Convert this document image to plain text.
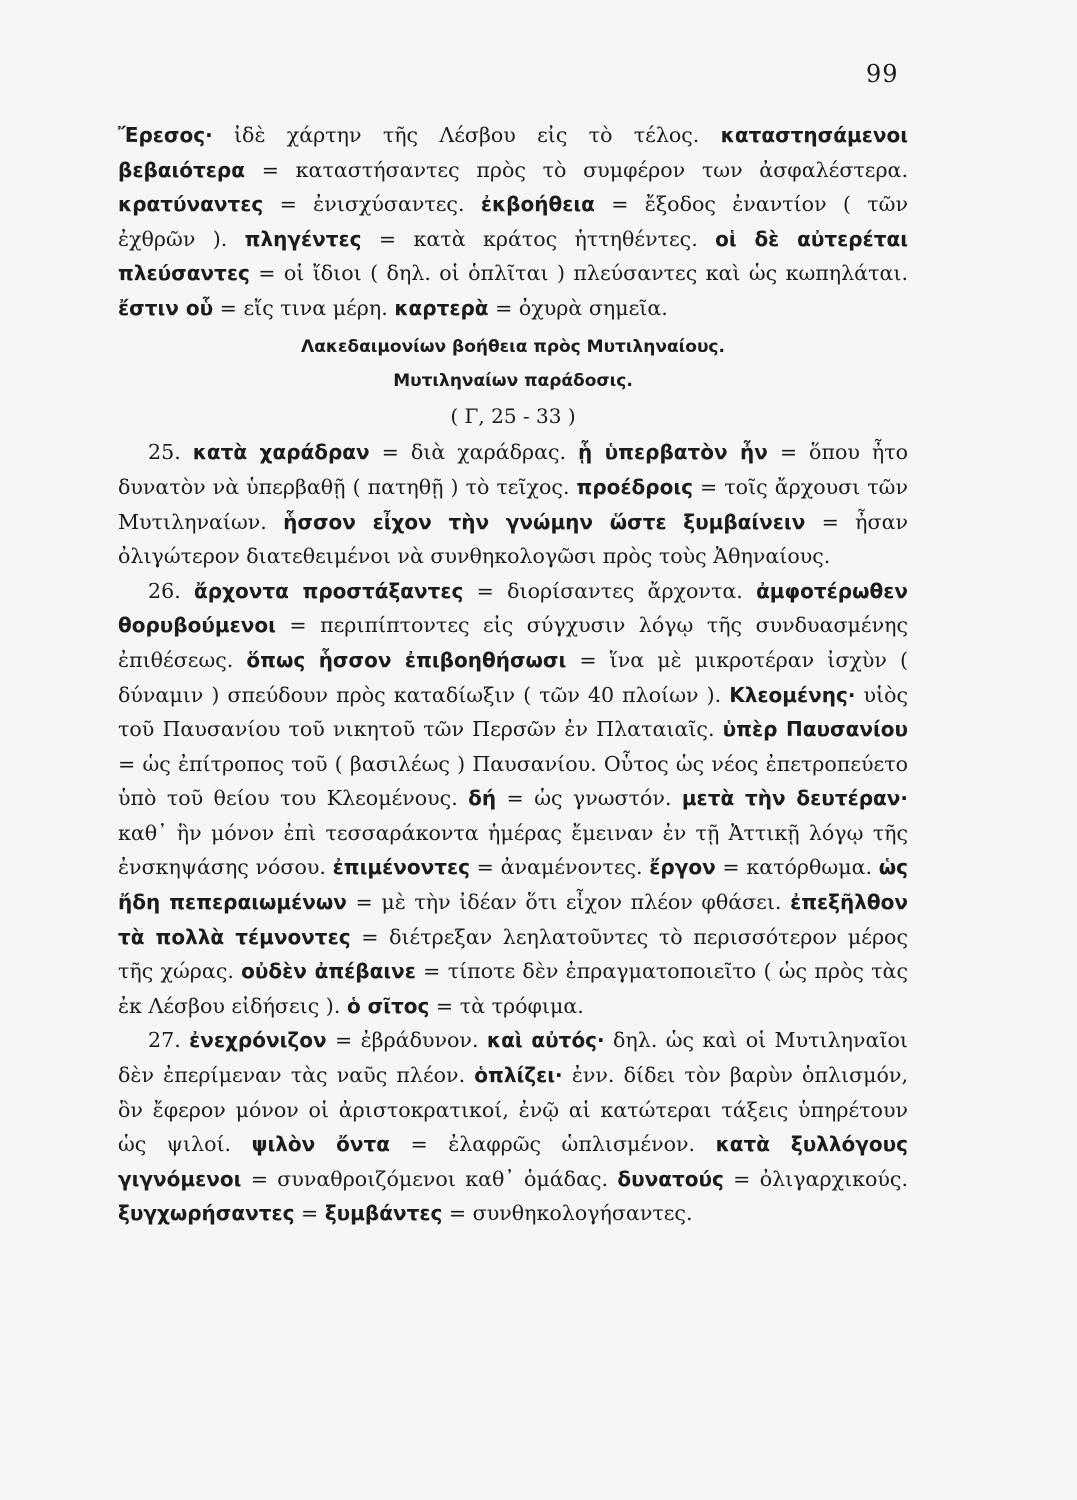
99

Ἔρεσος· ἰδὲ χάρτην τῆς Λέσβου εἰς τὸ τέλος. καταστησάμενοι βεβαιότερα = καταστήσαντες πρὸς τὸ συμφέρον των ἀσφαλέστερα. κρατύναντες = ἐνισχύσαντες. ἐκβοήθεια = ἔξοδος ἐναντίον ( τῶν ἐχθρῶν ). πληγέντες = κατὰ κράτος ἡττηθέντες. οἱ δὲ αὐτερέται πλεύσαντες = οἱ ἴδιοι ( δηλ. οἱ ὁπλῖται ) πλεύσαντες καὶ ὡς κωπηλάται. ἔστιν οὗ = εἴς τινα μέρη. καρτερὰ = ὀχυρὰ σημεῖα.

Λακεδαιμονίων βοήθεια πρὸς Μυτιληναίους.

Μυτιληναίων παράδοσις.

( Γ, 25 - 33 )

25. κατὰ χαράδραν = διὰ χαράδρας. ᾗ ὑπερβατὸν ἦν = ὅπου ἦτο δυνατὸν νὰ ὑπερβαθῇ ( πατηθῇ ) τὸ τεῖχος. προέδροις = τοῖς ἄρχουσι τῶν Μυτιληναίων. ἧσσον εἶχον τὴν γνώμην ὥστε ξυμβαίνειν = ἦσαν ὀλιγώτερον διατεθειμένοι νὰ συνθηκολογῶσι πρὸς τοὺς Ἀθηναίους.

26. ἄρχοντα προστάξαντες = διορίσαντες ἄρχοντα. ἀμφοτέρωθεν θορυβούμενοι = περιπίπτοντες εἰς σύγχυσιν λόγῳ τῆς συνδυασμένης ἐπιθέσεως. ὅπως ἧσσον ἐπιβοηθήσωσι = ἵνα μὲ μικροτέραν ἰσχὺν ( δύναμιν ) σπεύδουν πρὸς καταδίωξιν ( τῶν 40 πλοίων ). Κλεομένης· υἱὸς τοῦ Παυσανίου τοῦ νικητοῦ τῶν Περσῶν ἐν Πλαταιαῖς. ὑπὲρ Παυσανίου = ὡς ἐπίτροπος τοῦ ( βασιλέως ) Παυσανίου. Οὗτος ὡς νέος ἐπετροπεύετο ὑπὸ τοῦ θείου του Κλεομένους. δή = ὡς γνωστόν. μετὰ τὴν δευτέραν· καθ᾽ ἣν μόνον ἐπὶ τεσσαράκοντα ἡμέρας ἔμειναν ἐν τῇ Ἀττικῇ λόγῳ τῆς ἐνσκηψάσης νόσου. ἐπιμένοντες = ἀναμένοντες. ἔργον = κατόρθωμα. ὡς ἤδη πεπεραιωμένων = μὲ τὴν ἰδέαν ὅτι εἶχον πλέον φθάσει. ἐπεξῆλθον τὰ πολλὰ τέμνοντες = διέτρεξαν λεηλατοῦντες τὸ περισσότερον μέρος τῆς χώρας. οὐδὲν ἀπέβαινε = τίποτε δὲν ἐπραγματοποιεῖτο ( ὡς πρὸς τὰς ἐκ Λέσβου εἰδήσεις ). ὁ σῖτος = τὰ τρόφιμα.

27. ἐνεχρόνιζον = ἐβράδυνον. καὶ αὐτός· δηλ. ὡς καὶ οἱ Μυτιληναῖοι δὲν ἐπερίμεναν τὰς ναῦς πλέον. ὁπλίζει· ἐνν. δίδει τὸν βαρὺν ὁπλισμόν, ὃν ἔφερον μόνον οἱ ἀριστοκρατικοί, ἐνῷ αἱ κατώτεραι τάξεις ὑπηρέτουν ὡς ψιλοί. ψιλὸν ὄντα = ἐλαφρῶς ὡπλισμένον. κατὰ ξυλλόγους γιγνόμενοι = συναθροιζόμενοι καθ᾽ ὁμάδας. δυνατούς = ὀλιγαρχικούς. ξυγχωρήσαντες = ξυμβάντες = συνθηκολογήσαντες.
